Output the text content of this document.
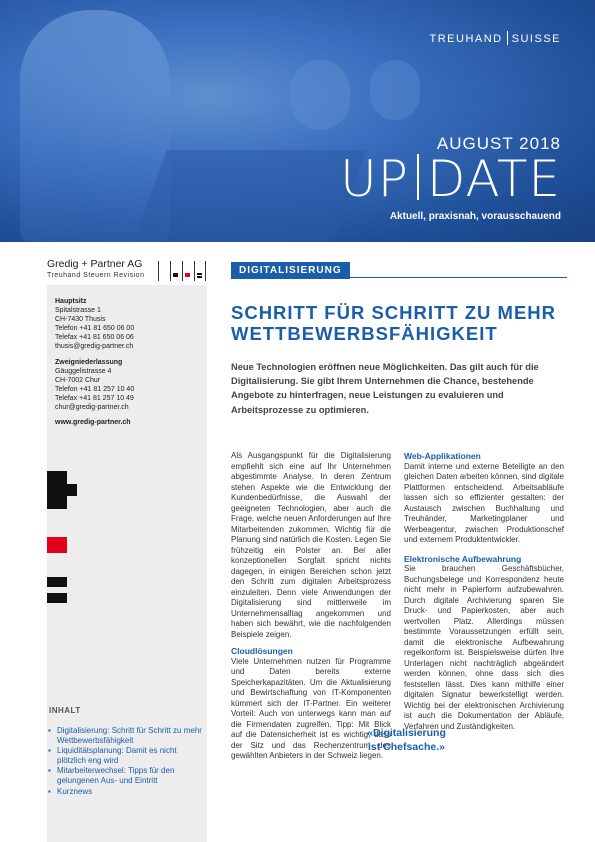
TREUHAND SUISSE
AUGUST 2018
UP DATE
Aktuell, praxisnah, vorausschauend
Gredig + Partner AG
Treuhand Steuern Revision
Hauptsitz
Spitalstrasse 1
CH-7430 Thusis
Telefon +41 81 650 06 00
Telefax +41 81 650 06 06
thusis@gredig-partner.ch
Zweigniederlassung
Gäuggelistrasse 4
CH-7002 Chur
Telefon +41 81 257 10 40
Telefax +41 81 257 10 49
chur@gredig-partner.ch
www.gredig-partner.ch
INHALT
▪ Digitalisierung: Schritt für Schritt zu mehr Wettbewerbsfähigkeit
▪ Liquiditätsplanung: Damit es nicht plötzlich eng wird
▪ Mitarbeiterwechsel: Tipps für den gelungenen Aus- und Eintritt
▪ Kurznews
DIGITALISIERUNG
SCHRITT FÜR SCHRITT ZU MEHR WETTBEWERBSFÄHIGKEIT
Neue Technologien eröffnen neue Möglichkeiten. Das gilt auch für die Digitalisierung. Sie gibt Ihrem Unternehmen die Chance, bestehende Angebote zu hinterfragen, neue Leistungen zu evaluieren und Arbeitsprozesse zu optimieren.

Als Ausgangspunkt für die Digitalisierung empfiehlt sich eine auf Ihr Unternehmen abgestimmte Analyse. In deren Zentrum stehen Aspekte wie die Entwicklung der Kundenbedürfnisse, die Auswahl der geeigneten Technologien, aber auch die Frage, welche neuen Anforderungen auf Ihre Mitarbeitenden zukommen. Wichtig für die Planung sind natürlich die Kosten. Legen Sie frühzeitig ein Polster an. Bei aller konzeptionellen Sorgfalt spricht nichts dagegen, in einigen Bereichen schon jetzt den Schritt zum digitalen Arbeitsprozess einzuleiten. Denn viele Anwendungen der Digitalisierung sind mittlerweile im Unternehmensalltag angekommen und haben sich bewährt, wie die nachfolgenden Beispiele zeigen.

Cloudlösungen

Viele Unternehmen nutzen für Programme und Daten bereits externe Speicherkapazitäten. Um die Aktualisierung und Bewirtschaftung von IT-Komponenten kümmert sich der IT-Partner. Ein weiterer Vorteil: Auch von unterwegs kann man auf die Firmendaten zugreifen. Tipp: Mit Blick auf die Datensicherheit ist es wichtig, dass der Sitz und das Rechenzentrum des gewählten Anbieters in der Schweiz liegen.

Web-Applikationen

Damit interne und externe Beteiligte an den gleichen Daten arbeiten können, sind digitale Plattformen entscheidend. Arbeitsabläufe lassen sich so effizienter gestalten: der Austausch zwischen Buchhaltung und Treuhänder, Marketingplaner und Werbeagentur, zwischen Produktionschef und externem Produktentwickler.

Elektronische Aufbewahrung

Sie brauchen Geschäftsbücher, Buchungsbelege und Korrespondenz heute nicht mehr in Papierform aufzubewahren. Durch digitale Archivierung sparen Sie Druck- und Papierkosten, aber auch wertvollen Platz. Allerdings müssen bestimmte Voraussetzungen erfüllt sein, damit die elektronische Aufbewahrung regelkonform ist. Beispielsweise dürfen Ihre Unterlagen nicht nachträglich abgeändert werden können, ohne dass sich dies feststellen lässt. Dies kann mithilfe einer digitalen Signatur bewerkstelligt werden. Wichtig bei der elektronischen Archivierung ist auch die Dokumentation der Abläufe, Verfahren und Zuständigkeiten.

«Digitalisierung ist Chefsache.»
